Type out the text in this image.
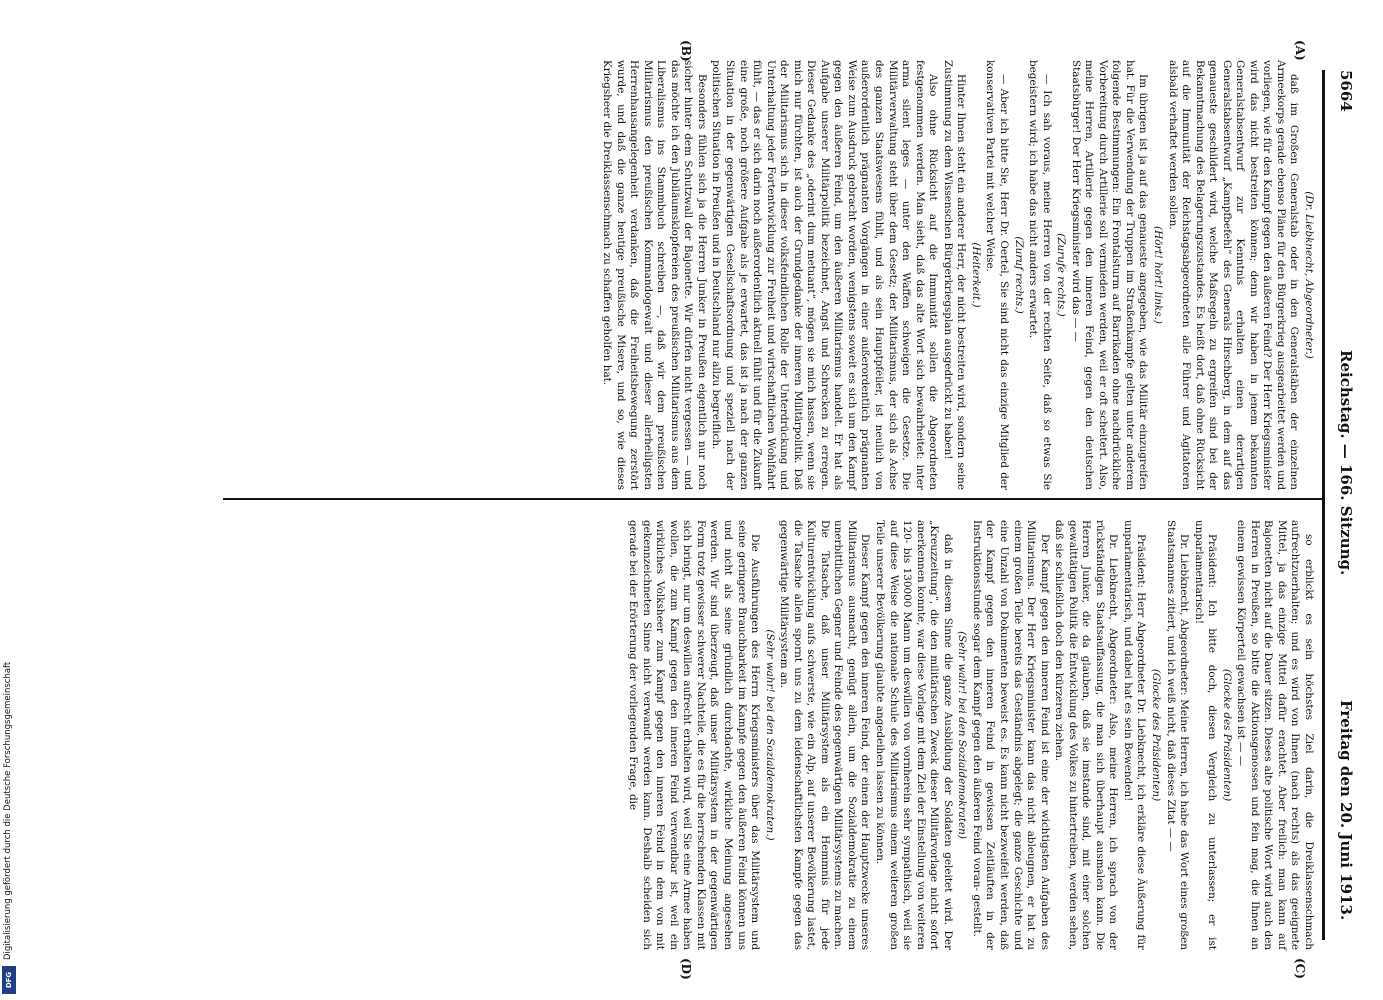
5664
Reichstag. — 166. Sitzung.
Freitag den 20. Juni 1913.
(A)
(B)
(C)
(D)

(Dr. Liebknecht, Abgeordneter.)

daß im Großen Generalstab oder in den Generalstäben der einzelnen Armeekorps gerade ebenso Pläne für den Bürgerkrieg ausgearbeitet werden und vorliegen, wie für den Kampf gegen den äußeren Feind? Der Herr Kriegsminister wird das nicht bestreiten können; denn wir haben in jenem bekannten Generalstabsentwurf zur Kenntnis erhalten einen derartigen Generalstabsentwurf „Kampfbefehl“ des Generals Hirschberg, in dem auf das genaueste geschildert wird, welche Maßregeln zu ergreifen sind bei der Bekanntmachung des Belagerungszustandes. Es heißt dort, daß ohne Rücksicht auf die Immunität der Reichstagsabgeordneten alle Führer und Agitatoren alsbald verhaftet werden sollen.

(Hört! hört! links.)

Im übrigen ist ja auf das genaueste angegeben, wie das Militär einzugreifen hat. Für die Verwendung der Truppen im Straßenkampfe gelten unter anderem folgende Bestimmungen: Ein Frontalsturm auf Barrikaden ohne nachdrückliche Vorbereitung durch Artillerie soll vermieden werden, weil er oft scheitert. Also, meine Herren, Artillerie gegen den inneren Feind, gegen den deutschen Staatsbürger! Der Herr Kriegsminister wird das — —

(Zurufe rechts.)

— Ich sah voraus, meine Herren von der rechten Seite, daß so etwas Sie begeistern wird; ich habe das nicht anders erwartet.

(Zuruf rechts.)

— Aber ich bitte Sie, Herr Dr. Oertel, Sie sind nicht das einzige Mitglied der konservativen Partei mit welcher Weise.

(Heiterkeit.)

Hinter Ihnen steht ein anderer Herr, der nicht bestreiten wird, sondern seine Zustimmung zu dem Wissenschen Bürgerkriegsplan ausgedrückt zu haben!

Also ohne Rücksicht auf die Immunität sollen die Abgeordneten festgenommen werden. Man sieht, daß das alte Wort sich bewahrheitet: inter arma silent leges — unter den Waffen schweigen die Gesetze. Die Militärverwaltung steht über dem Gesetz; der Militarismus, der sich als Achse des ganzen Staatswesens fühlt, und als sein Hauptpfeiler, ist neulich von außerordentlich prägnanten Vorgängen in einer außerordentlich prägnanten Weise zum Ausdruck gebracht worden, wenigstens soweit es sich um den Kampf gegen den äußeren Feind, um den äußeren Militarismus handelt. Er hat als Aufgabe unserer Militärpolitik bezeichnet, Angst und Schrecken zu erregen. Dieser Gedanke des „oderint dum metuant“, mögen sie mich hassen, wenn sie mich nur fürchten, ist auch der Grundgedanke der inneren Militärpolitik. Daß der Militarismus sich in dieser volksfeindlichen Rolle der Unterdrückung und Unterhaltung jeder Fortentwicklung zur Freiheit und wirtschaftlichen Wohlfahrt fühlt, — das er sich darin noch außerordentlich aktuell fühlt und für die Zukunft eine große, noch größere Aufgabe als je erwartet, das ist ja nach der ganzen Situation in der gegenwärtigen Gesellschaftsordnung und speziell nach der politischen Situation in Preußen und in Deutschland nur allzu begreiflich.

Besonders fühlen sich ja die Herren Junker in Preußen eigentlich nur noch sicher hinter dem Schutzwall der Bajonette. Wir dürfen nicht vergessen — und das möchte ich den Jubiläumsklopfereien des preußischen Militarismus aus dem Liberalismus ins Stammbuch schreiben —, daß wir dem preußischen Militarismus den preußischen Kommandogewalt und dieser allerheiligsten Herrenhausangelegenheit verdanken, daß die Freiheitsbewegung zerstört wurde, und daß die ganze heutige preußische Misere, und so, wie dieses Kriegsheer die Dreiklassenschmach zu schaffen geholfen hat.

so erblickt es sein höchstes Ziel darin, die Dreiklassenschmach aufrechtzuerhalten; und es wird von Ihnen (nach rechts) als das geeignete Mittel, ja das einzige Mittel dafür erachtet. Aber freilich: man kann auf Bajonetten nicht auf die Dauer sitzen. Dieses alte politische Wort wird auch den Herren in Preußen, so bitte die Aktionsgenossen und fein mag, die Ihnen an einem gewissen Körperteil gewachsen ist — —

(Glocke des Präsidenten)

Präsident: Ich bitte doch, diesen Vergleich zu unterlassen; er ist unparlamentarisch!

Dr. Liebknecht, Abgeordneter: Meine Herren, ich habe das Wort eines großen Staatsmannes zitiert, und ich weiß nicht, daß dieses Zitat — —

(Glocke des Präsidenten)

Präsident: Herr Abgeordneter Dr. Liebknecht, ich erkläre diese Äußerung für unparlamentarisch, und dabei hat es sein Bewenden!

Dr. Liebknecht, Abgeordneter: Also, meine Herren, ich sprach von der rückständigen Staatsauffassung, die man sich überhaupt ausmalen kann. Die Herren Junker, die da glauben, daß sie imstande sind, mit einer solchen gewalttätigen Politik die Entwicklung des Volkes zu hintertreiben, werden sehen, daß sie schließlich doch den kürzeren ziehen.

Der Kampf gegen den inneren Feind ist eine der wichtigsten Aufgaben des Militarismus. Der Herr Kriegsminister kann das nicht ableugnen, er hat zu einem großen Teile bereits das Geständnis abgelegt; die ganze Geschichte und eine Unzahl von Dokumenten beweist es. Es kann nicht bezweifelt werden, daß der Kampf gegen den inneren Feind in gewissen Zeitläuften in der Instruktionsstunde sogar dem Kampf gegen den äußeren Feind voran- gestellt.

(Sehr wahr! bei den Sozialdemokraten)

daß in diesem Sinne die ganze Ausbildung der Soldaten geleitet wird. Der „Kreuzzeitung“, die den militärischen Zweck dieser Militärvorlage nicht sofort anerkennen konnte, war diese Vorlage mit dem Ziel der Einstellung von weiteren 120- bis 130000 Mann um deswillen von vornherein sehr sympathisch, weil sie auf diese Weise die nationale Schule des Militarismus einem weiteren großen Teile unserer Bevölkerung glaubte angedeihen lassen zu können.

Dieser Kampf gegen den inneren Feind, der einen der Hauptzwecke unseres Militarismus ausmacht, genügt allein, um die Sozialdemokratie zu einem unerbittlichen Gegner und Feinde des gegenwärtigen Militärsystems zu machen. Die Tatsache, daß unser Militärsystem als ein Hemmnis für jede Kulturentwicklung aufs schwerste, wie ein Alp, auf unserer Bevölkerung lastet, die Tatsache allein spornt uns zu dem leidenschaftlichsten Kampfe gegen das gegenwärtige Militärsystem an.

(Sehr wahr! bei den Sozialdemokraten.)

Die Ausführungen des Herrn Kriegsministers über das Militärsystem und seine geringere Brauchbarkeit im Kampfe gegen den äußeren Feind können uns und nicht als seine gründlich durchdachte, wirkliche Meinung angesehen werden. Wir sind überzeugt, daß unser Militärsystem in der gegenwärtigen Form trotz gewisser schwerer Nachteile, die es für die herrschenden Klassen mit sich bringt, nur um deswillen aufrecht erhalten wird, weil Sie eine Armee haben wollen, die zum Kampf gegen den inneren Feind verwendbar ist, weil ein wirkliches Volksheer zum Kampf gegen den inneren Feind in dem von mit gekennzeichneten Sinne nicht verwandt werden kann. Deshalb scheiden sich gerade bei der Erörterung der vorliegenden Frage, die

DFG
Digitalisierung gefördert durch die Deutsche Forschungsgemeinschaft
